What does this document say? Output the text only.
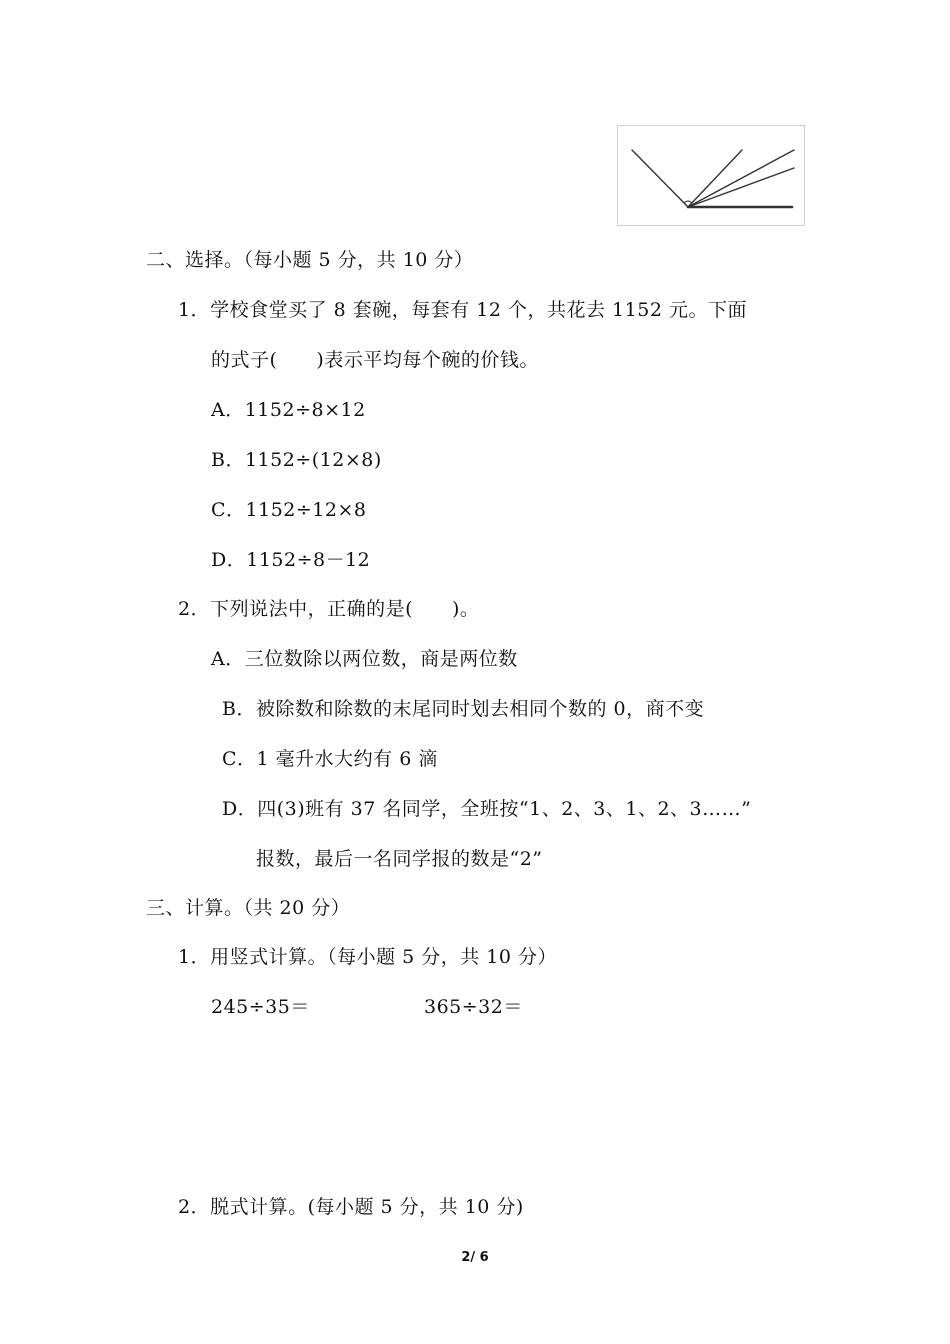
二、选择。（每小题 5 分，共 10 分）
1．学校食堂买了 8 套碗，每套有 12 个，共花去 1152 元。下面
的式子(　　)表示平均每个碗的价钱。
A．1152÷8×12
B．1152÷(12×8)
C．1152÷12×8
D．1152÷8－12
2．下列说法中，正确的是(　　)。
A．三位数除以两位数，商是两位数
B．被除数和除数的末尾同时划去相同个数的 0，商不变
C．1 毫升水大约有 6 滴
D．四(3)班有 37 名同学，全班按“1、2、3、1、2、3……”
报数，最后一名同学报的数是“2”
三、计算。（共 20 分）
1．用竖式计算。（每小题 5 分，共 10 分）
245÷35＝	365÷32＝
2．脱式计算。(每小题 5 分，共 10 分)
2/ 6
